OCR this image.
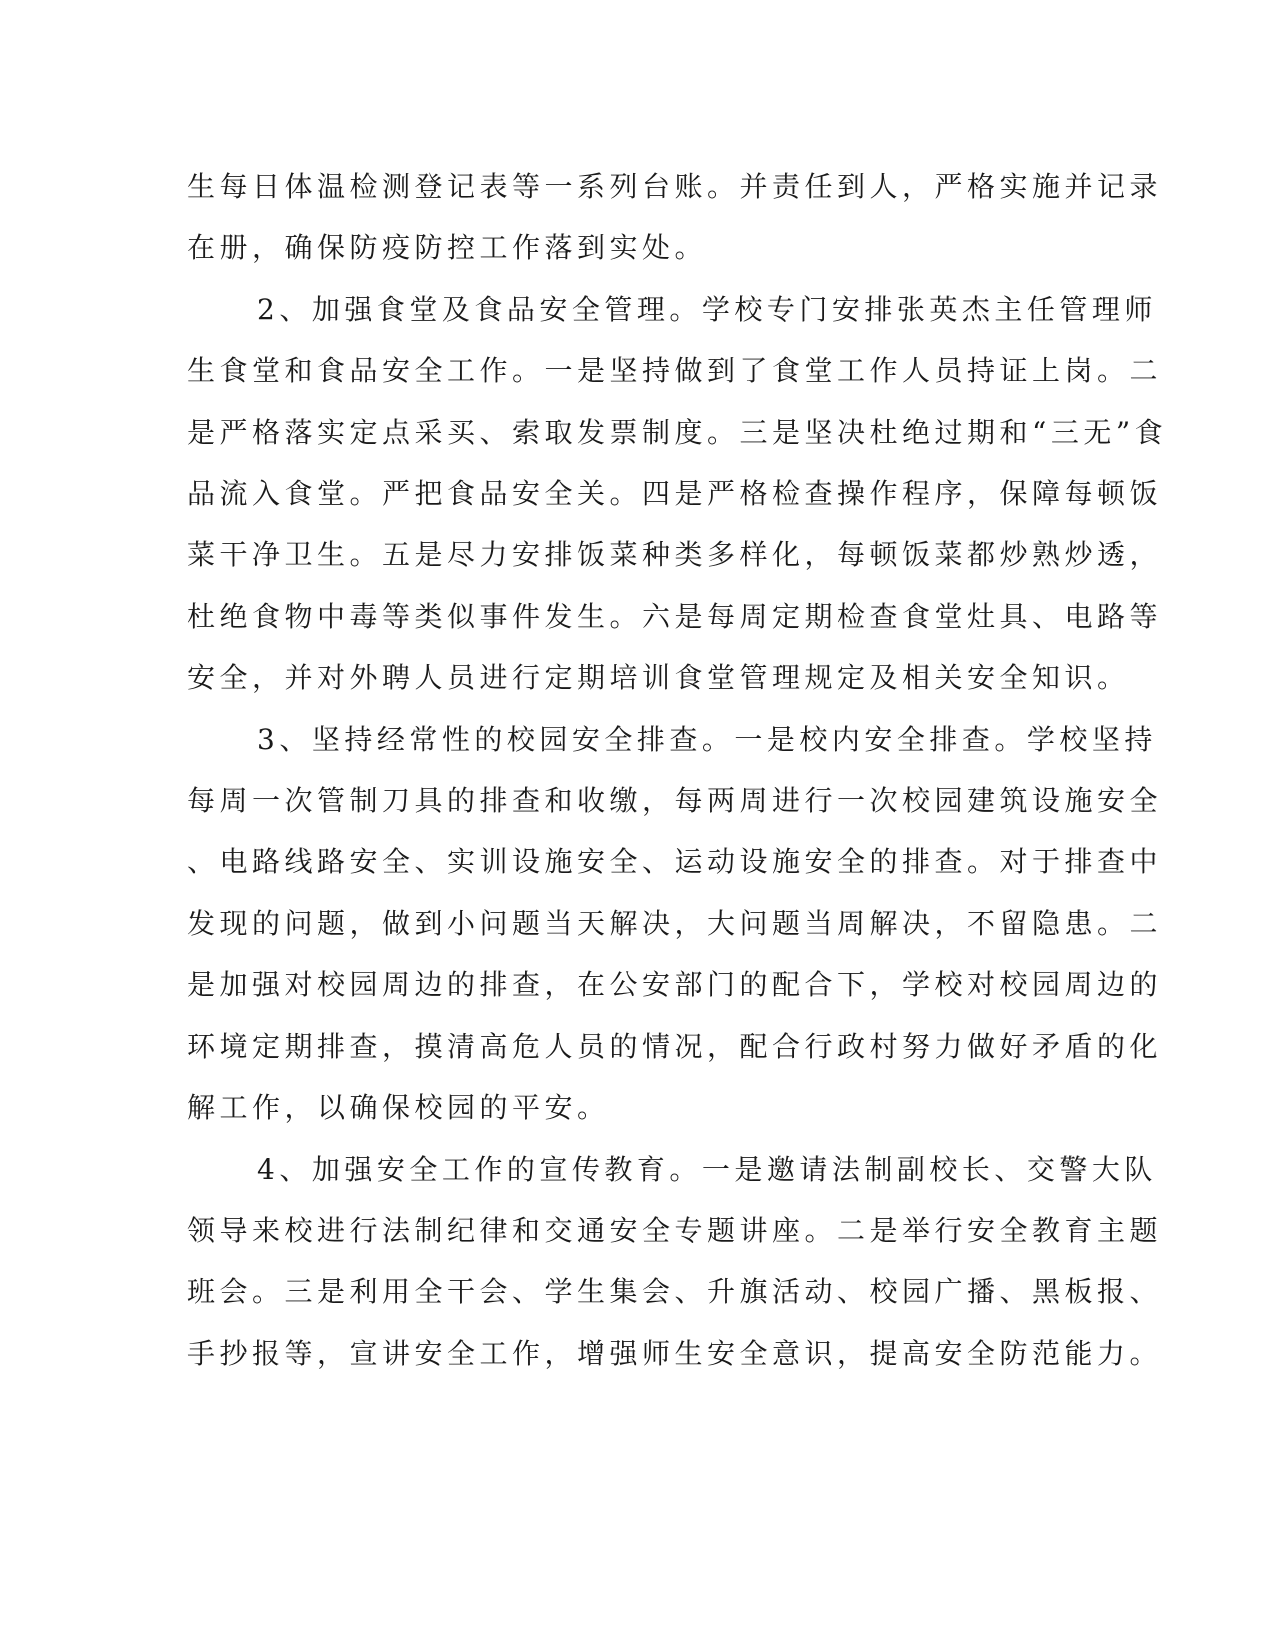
生每日体温检测登记表等一系列台账。并责任到人，严格实施并记录
在册，确保防疫防控工作落到实处。
2、加强食堂及食品安全管理。学校专门安排张英杰主任管理师
生食堂和食品安全工作。一是坚持做到了食堂工作人员持证上岗。二
是严格落实定点采买、索取发票制度。三是坚决杜绝过期和“三无”食
品流入食堂。严把食品安全关。四是严格检查操作程序，保障每顿饭
菜干净卫生。五是尽力安排饭菜种类多样化，每顿饭菜都炒熟炒透，
杜绝食物中毒等类似事件发生。六是每周定期检查食堂灶具、电路等
安全，并对外聘人员进行定期培训食堂管理规定及相关安全知识。
3、坚持经常性的校园安全排查。一是校内安全排查。学校坚持
每周一次管制刀具的排查和收缴，每两周进行一次校园建筑设施安全
、电路线路安全、实训设施安全、运动设施安全的排查。对于排查中
发现的问题，做到小问题当天解决，大问题当周解决，不留隐患。二
是加强对校园周边的排查，在公安部门的配合下，学校对校园周边的
环境定期排查，摸清高危人员的情况，配合行政村努力做好矛盾的化
解工作，以确保校园的平安。
4、加强安全工作的宣传教育。一是邀请法制副校长、交警大队
领导来校进行法制纪律和交通安全专题讲座。二是举行安全教育主题
班会。三是利用全干会、学生集会、升旗活动、校园广播、黑板报、
手抄报等，宣讲安全工作，增强师生安全意识，提高安全防范能力。
